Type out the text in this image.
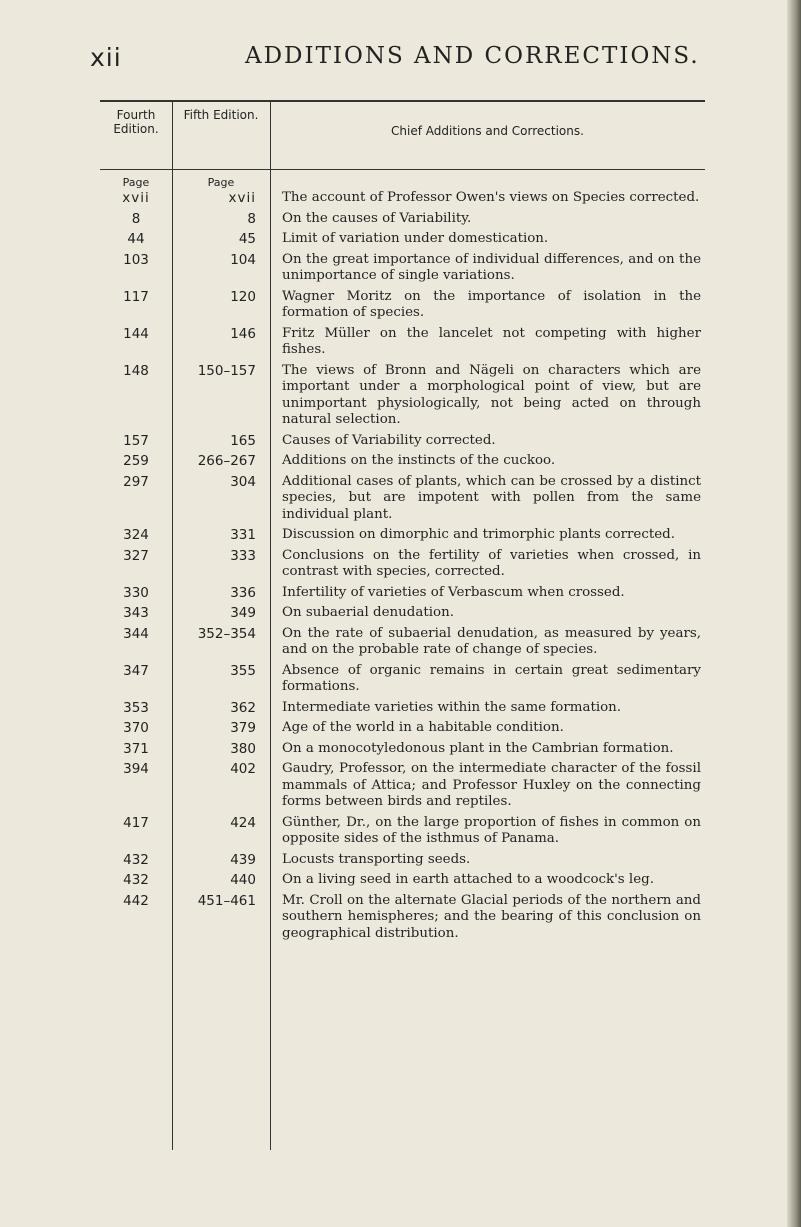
xii	ADDITIONS AND CORRECTIONS.
Fourth Edition.
Fifth Edition.
Chief Additions and Corrections.
Page	Page
xvii	xvii	The account of Professor Owen's views on Species corrected.
8	8	On the causes of Variability.
44	45	Limit of variation under domestication.
103	104	On the great importance of individual differences, and on the unimportance of single variations.
117	120	Wagner Moritz on the importance of isolation in the formation of species.
144	146	Fritz Müller on the lancelet not competing with higher fishes.
148	150–157	The views of Bronn and Nägeli on characters which are important under a morphological point of view, but are unimportant physiologically, not being acted on through natural selection.
157	165	Causes of Variability corrected.
259	266–267	Additions on the instincts of the cuckoo.
297	304	Additional cases of plants, which can be crossed by a distinct species, but are impotent with pollen from the same individual plant.
324	331	Discussion on dimorphic and trimorphic plants corrected.
327	333	Conclusions on the fertility of varieties when crossed, in contrast with species, corrected.
330	336	Infertility of varieties of Verbascum when crossed.
343	349	On subaerial denudation.
344	352–354	On the rate of subaerial denudation, as measured by years, and on the probable rate of change of species.
347	355	Absence of organic remains in certain great sedimentary formations.
353	362	Intermediate varieties within the same formation.
370	379	Age of the world in a habitable condition.
371	380	On a monocotyledonous plant in the Cambrian formation.
394	402	Gaudry, Professor, on the intermediate character of the fossil mammals of Attica; and Professor Huxley on the connecting forms between birds and reptiles.
417	424	Günther, Dr., on the large proportion of fishes in common on opposite sides of the isthmus of Panama.
432	439	Locusts transporting seeds.
432	440	On a living seed in earth attached to a woodcock's leg.
442	451–461	Mr. Croll on the alternate Glacial periods of the northern and southern hemispheres; and the bearing of this conclusion on geographical distribution.
